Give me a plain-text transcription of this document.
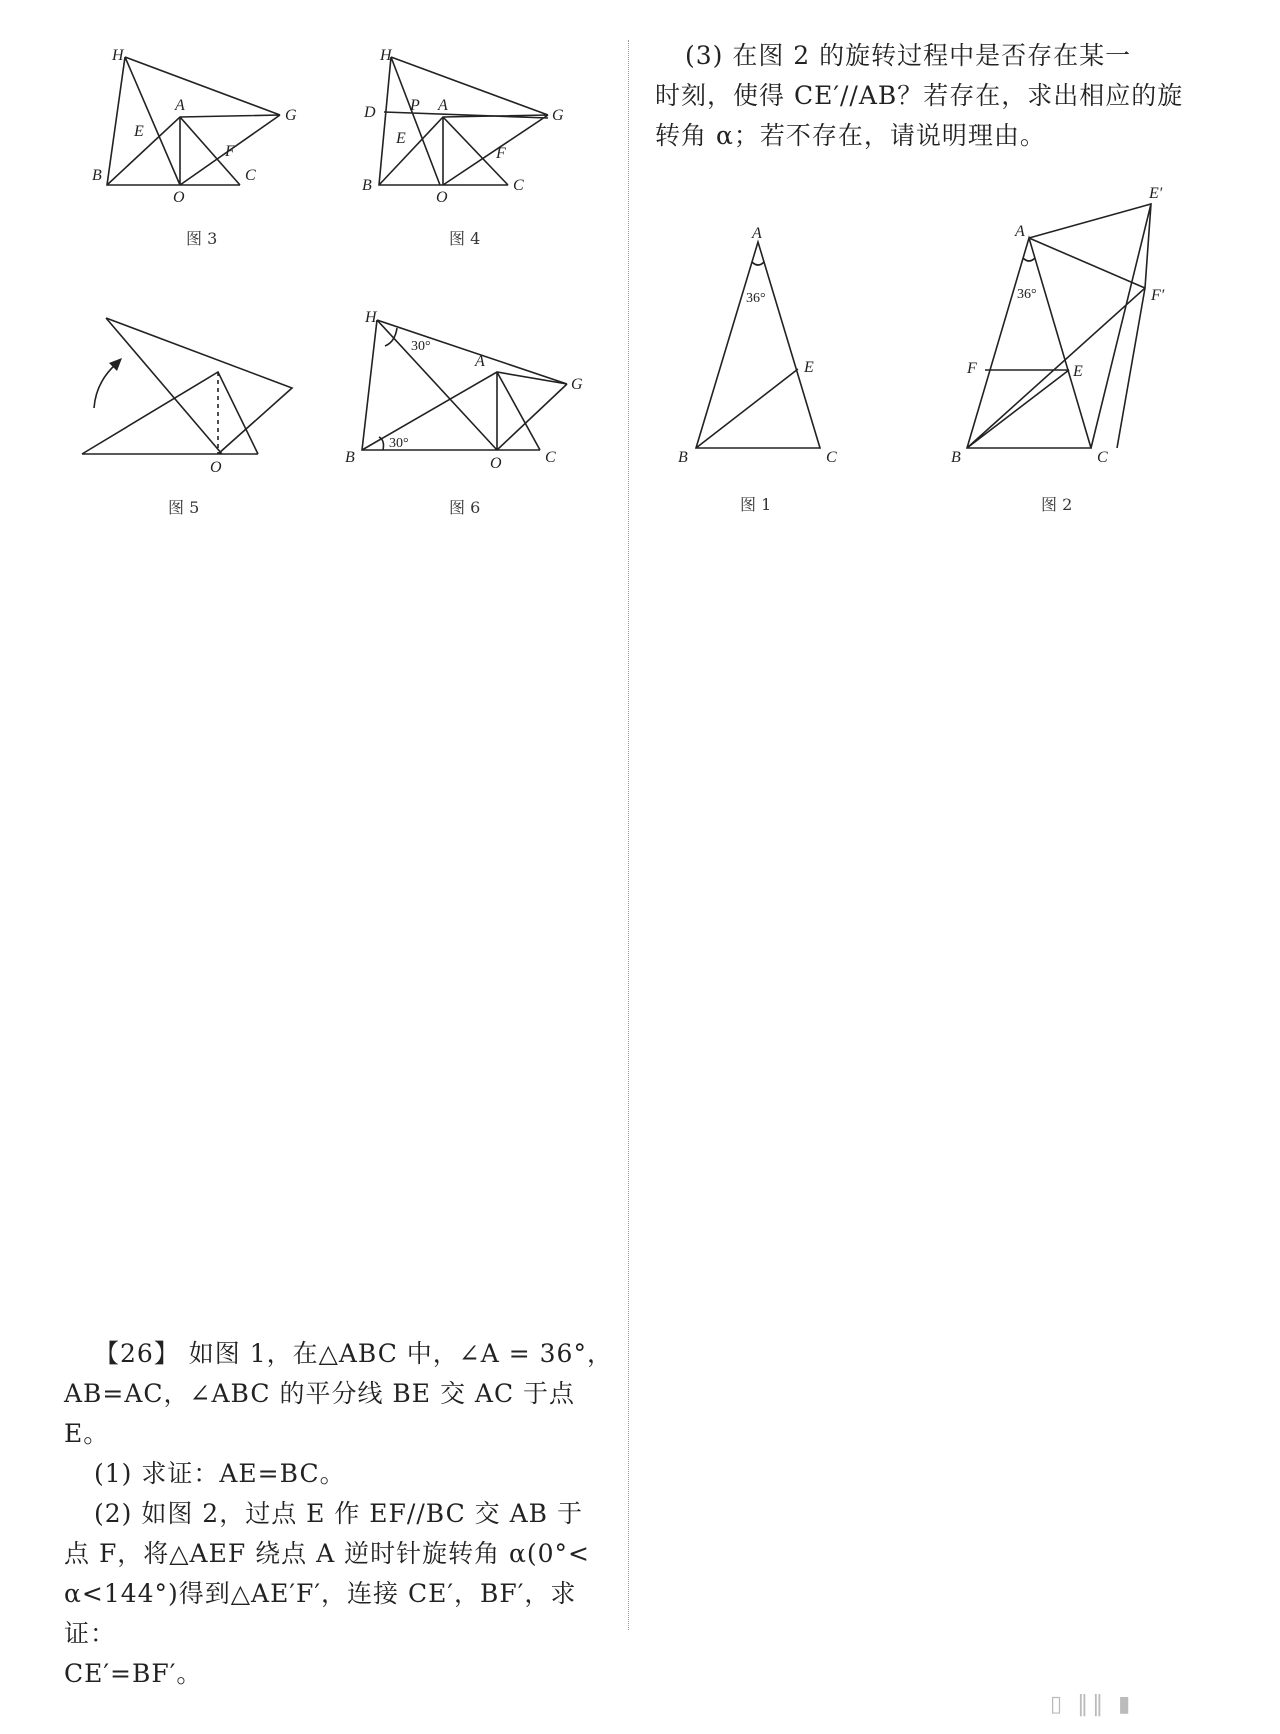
H
A
E
G
F
B
O
C
图 3
H
D P A
E
G
F
B
O
C
图 4
O
图 5
H
30°
A
G
30°
B	O	C
图 6

(3) 在图 2 的旋转过程中是否存在某一

时刻，使得 CE′//AB？若存在，求出相应的旋

转角 α；若不存在，请说明理由。

A
36°
E
B	C
图 1
E′
A
36°	F′
F	E
B	C
图 2

【26】 如图 1，在△ABC 中，∠A = 36°，

AB=AC，∠ABC 的平分线 BE 交 AC 于点 E。

(1) 求证：AE=BC。

(2) 如图 2，过点 E 作 EF//BC 交 AB 于

点 F，将△AEF 绕点 A 逆时针旋转角 α(0°<

α<144°)得到△AE′F′，连接 CE′，BF′，求证：

CE′=BF′。

▯ ‖‖ ▮
